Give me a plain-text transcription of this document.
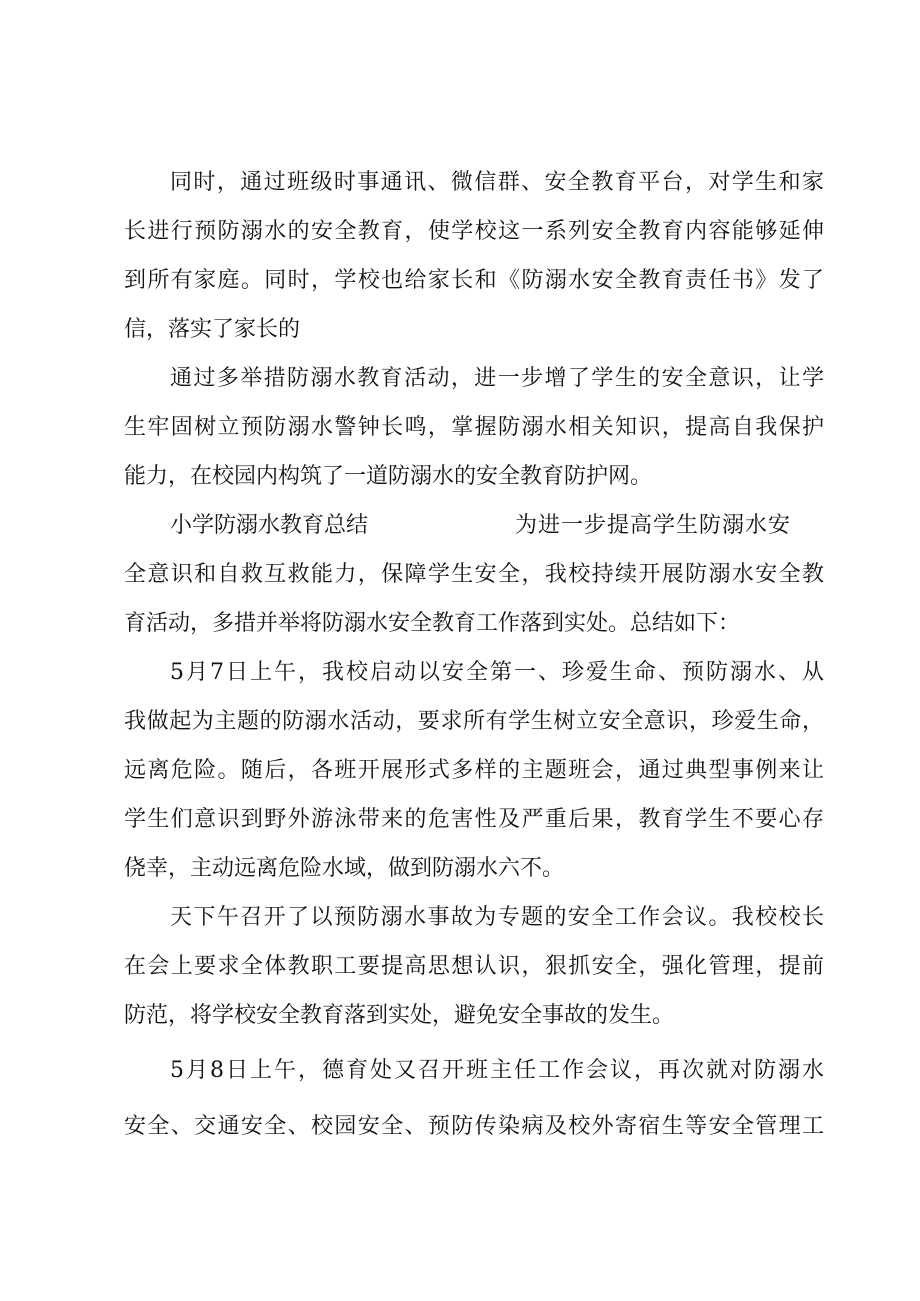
同时，通过班级时事通讯、微信群、安全教育平台，对学生和家
长进行预防溺水的安全教育，使学校这一系列安全教育内容能够延伸
到所有家庭。同时，学校也给家长和《防溺水安全教育责任书》发了
信，落实了家长的
通过多举措防溺水教育活动，进一步增了学生的安全意识，让学
生牢固树立预防溺水警钟长鸣，掌握防溺水相关知识，提高自我保护
能力，在校园内构筑了一道防溺水的安全教育防护网。
小学防溺水教育总结	为进一步提高学生防溺水安
全意识和自救互救能力，保障学生安全，我校持续开展防溺水安全教
育活动，多措并举将防溺水安全教育工作落到实处。总结如下：
5月7日上午，我校启动以安全第一、珍爱生命、预防溺水、从
我做起为主题的防溺水活动，要求所有学生树立安全意识，珍爱生命，
远离危险。随后，各班开展形式多样的主题班会，通过典型事例来让
学生们意识到野外游泳带来的危害性及严重后果，教育学生不要心存
侥幸，主动远离危险水域，做到防溺水六不。
天下午召开了以预防溺水事故为专题的安全工作会议。我校校长
在会上要求全体教职工要提高思想认识，狠抓安全，强化管理，提前
防范，将学校安全教育落到实处，避免安全事故的发生。
5月8日上午，德育处又召开班主任工作会议，再次就对防溺水
安全、交通安全、校园安全、预防传染病及校外寄宿生等安全管理工
